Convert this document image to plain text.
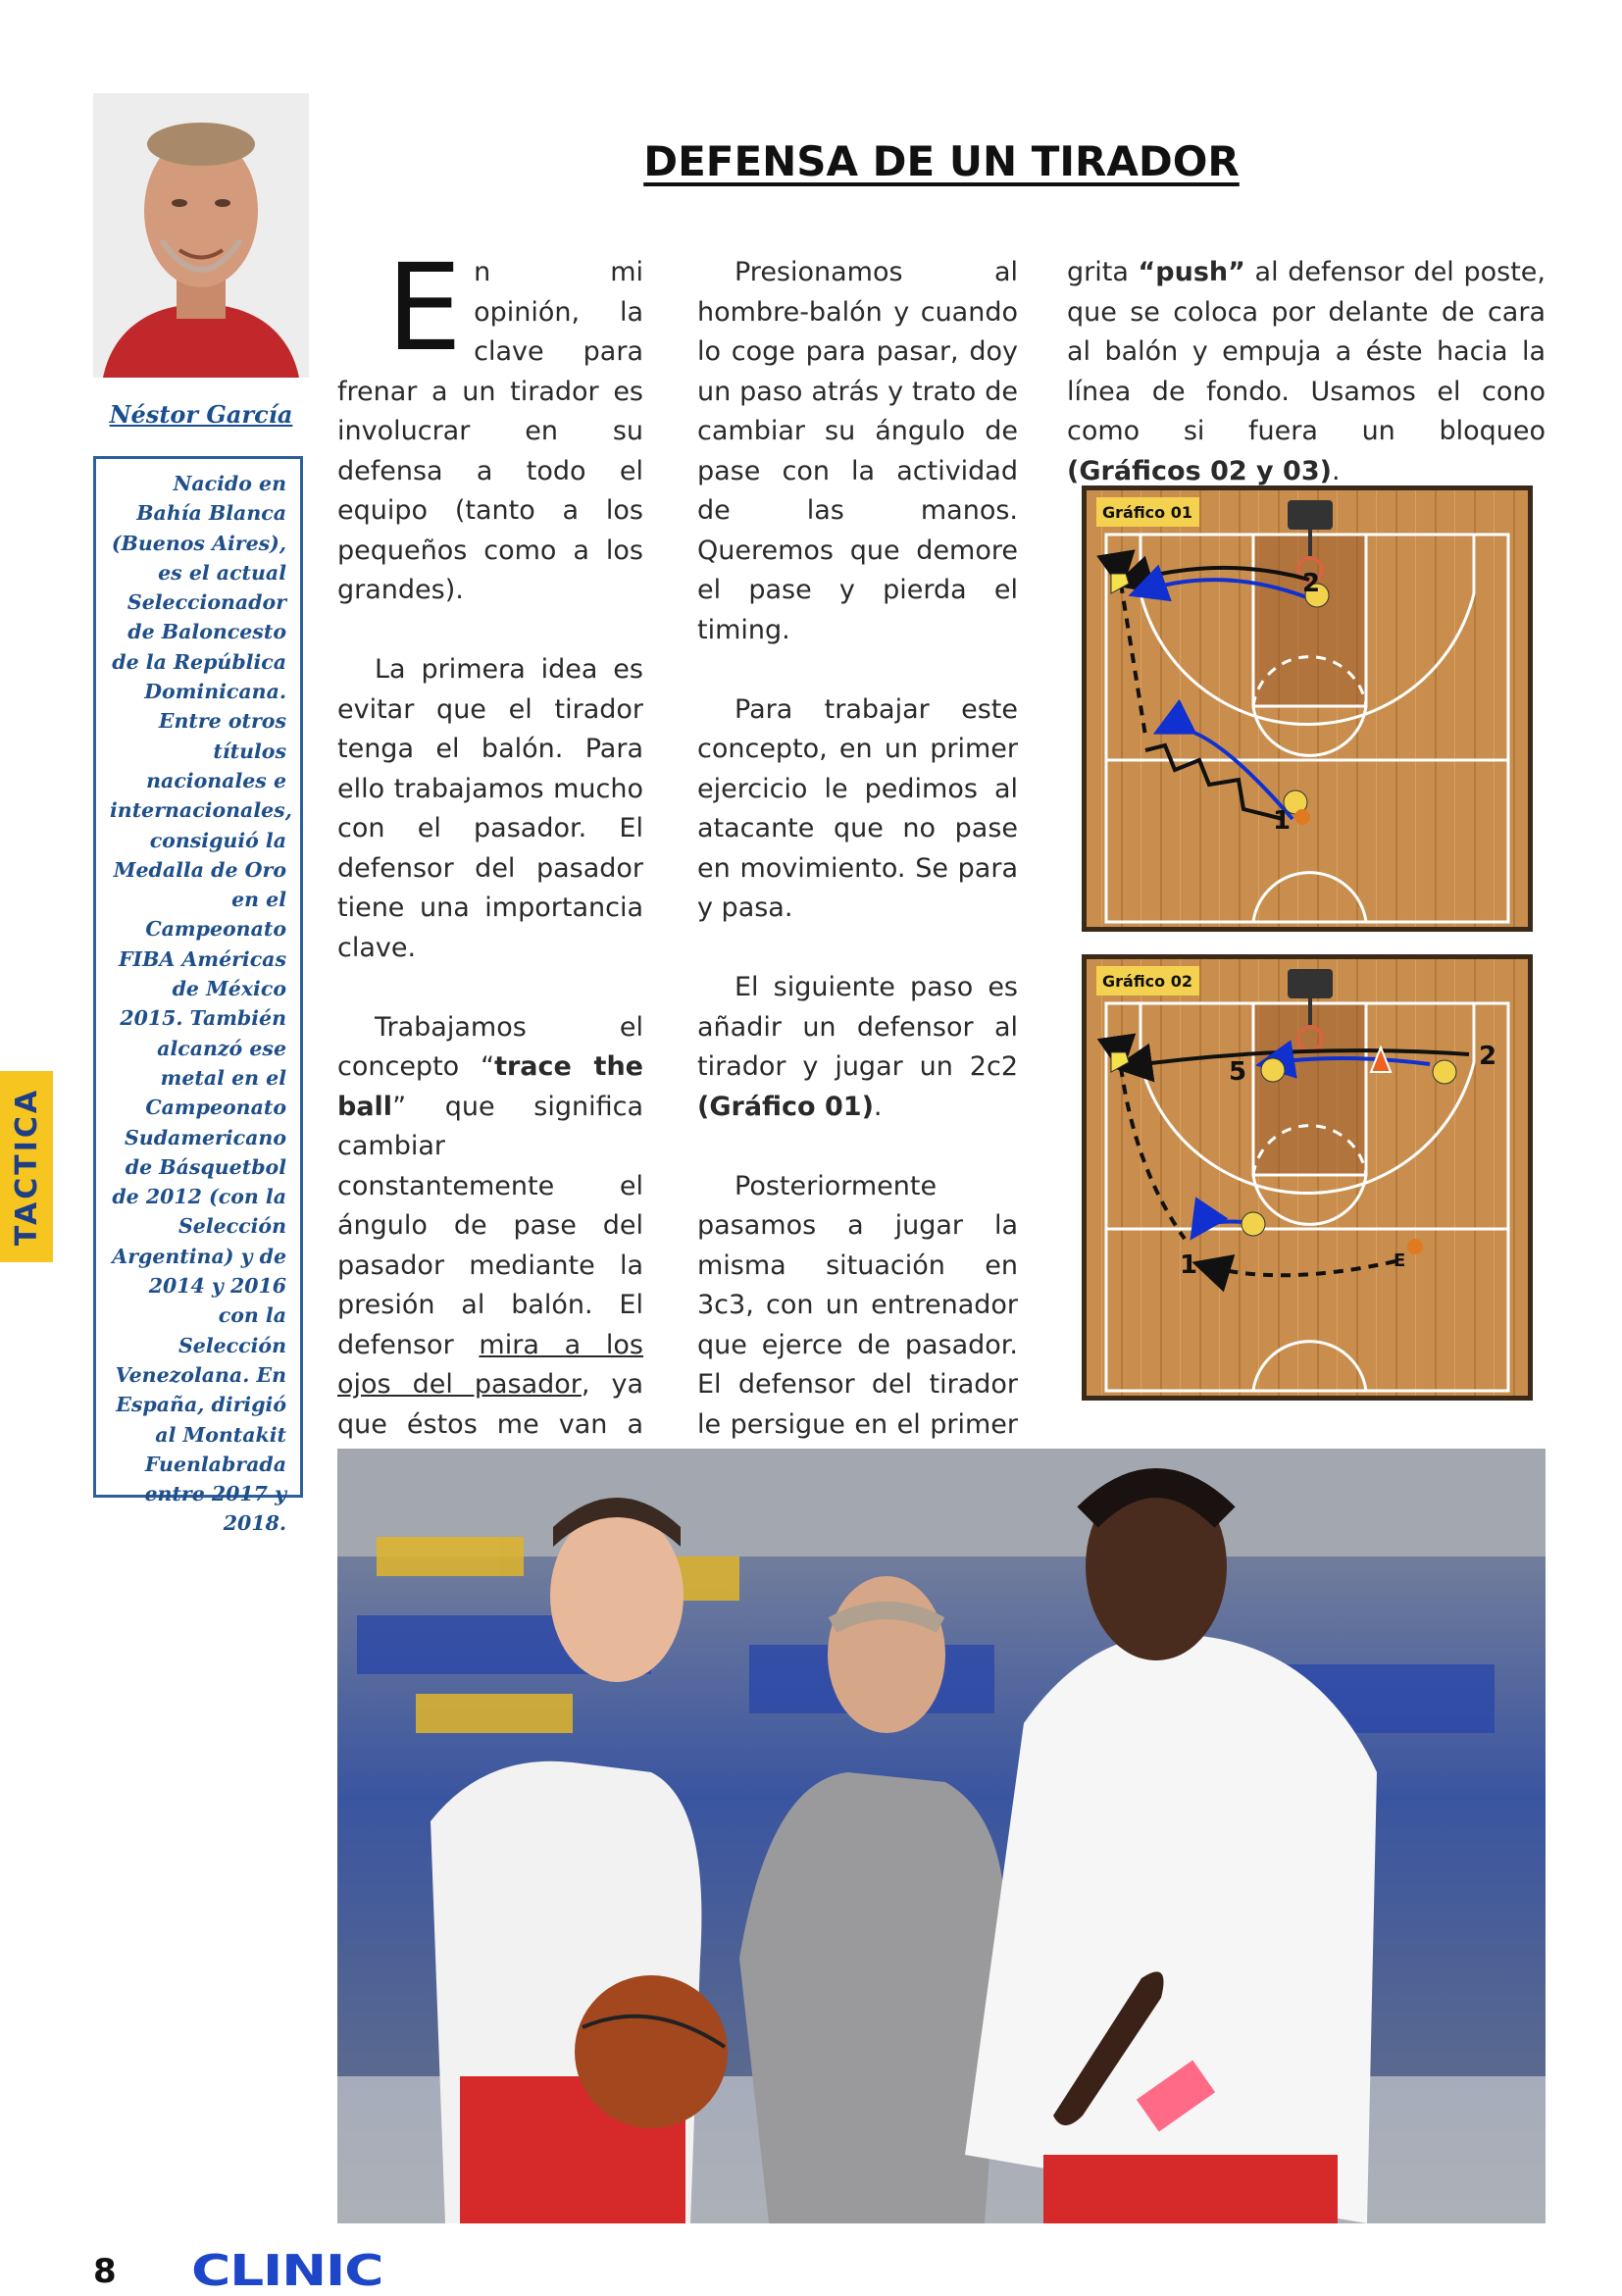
Néstor García
Nacido en Bahía Blanca (Buenos Aires), es el actual Seleccionador de Baloncesto de la República Dominicana. Entre otros títulos nacionales e internacionales, consiguió la Medalla de Oro en el Campeonato FIBA Américas de México 2015. También alcanzó ese metal en el Campeonato Sudamericano de Básquetbol de 2012 (con la Selección Argentina) y de 2014 y 2016 con la Selección Venezolana. En España, dirigió al Montakit Fuenlabrada entre 2017 y 2018.
TACTICA
DEFENSA DE UN TIRADOR

En mi opinión, la clave para frenar a un tirador es involucrar en su defensa a todo el equipo (tanto a los pequeños como a los grandes).

La primera idea es evitar que el tirador tenga el balón. Para ello trabajamos mucho con el pasador. El defensor del pasador tiene una importancia clave.

Trabajamos el concepto “trace the ball” que significa cambiar constantemente el ángulo de pase del pasador mediante la presión al balón. El defensor mira a los ojos del pasador, ya que éstos me van a

Presionamos al hombre-balón y cuando lo coge para pasar, doy un paso atrás y trato de cambiar su ángulo de pase con la actividad de las manos. Queremos que demore el pase y pierda el timing.

Para trabajar este concepto, en un primer ejercicio le pedimos al atacante que no pase en movimiento. Se para y pasa.

El siguiente paso es añadir un defensor al tirador y jugar un 2c2 (Gráfico 01).

Posteriormente pasamos a jugar la misma situación en 3c3, con un entrenador que ejerce de pasador. El defensor del tirador le persigue en el primer

grita “push” al defensor del poste, que se coloca por delante de cara al balón y empuja a éste hacia la línea de fondo. Usamos el cono como si fuera un bloqueo (Gráficos 02 y 03).

Gráfico 01
2
1
Gráfico 02
5
2
1	E
8 CLINIC
